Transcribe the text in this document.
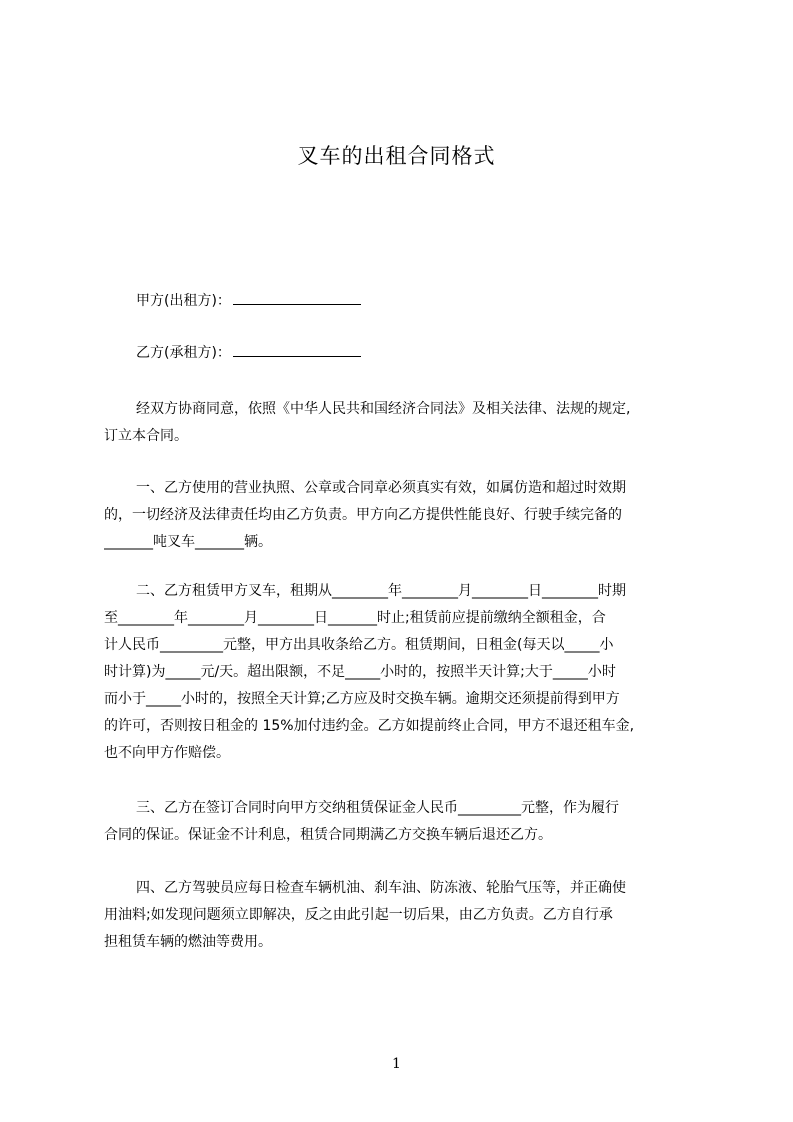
叉车的出租合同格式
甲方(出租方)：
乙方(承租方)：
经双方协商同意，依照《中华人民共和国经济合同法》及相关法律、法规的规定,
订立本合同。
一、乙方使用的营业执照、公章或合同章必须真实有效，如属仿造和超过时效期
的，一切经济及法律责任均由乙方负责。甲方向乙方提供性能良好、行驶手续完备的
_______吨叉车_______辆。
二、乙方租赁甲方叉车，租期从________年________月________日________时期
至________年________月________日_______时止;租赁前应提前缴纳全额租金，合
计人民币_________元整，甲方出具收条给乙方。租赁期间，日租金(每天以_____小
时计算)为_____元/天。超出限额，不足_____小时的，按照半天计算;大于_____小时
而小于_____小时的，按照全天计算;乙方应及时交换车辆。逾期交还须提前得到甲方
的许可，否则按日租金的 15%加付违约金。乙方如提前终止合同，甲方不退还租车金,
也不向甲方作赔偿。
三、乙方在签订合同时向甲方交纳租赁保证金人民币_________元整，作为履行
合同的保证。保证金不计利息，租赁合同期满乙方交换车辆后退还乙方。
四、乙方驾驶员应每日检查车辆机油、刹车油、防冻液、轮胎气压等，并正确使
用油料;如发现问题须立即解决，反之由此引起一切后果，由乙方负责。乙方自行承
担租赁车辆的燃油等费用。
1
